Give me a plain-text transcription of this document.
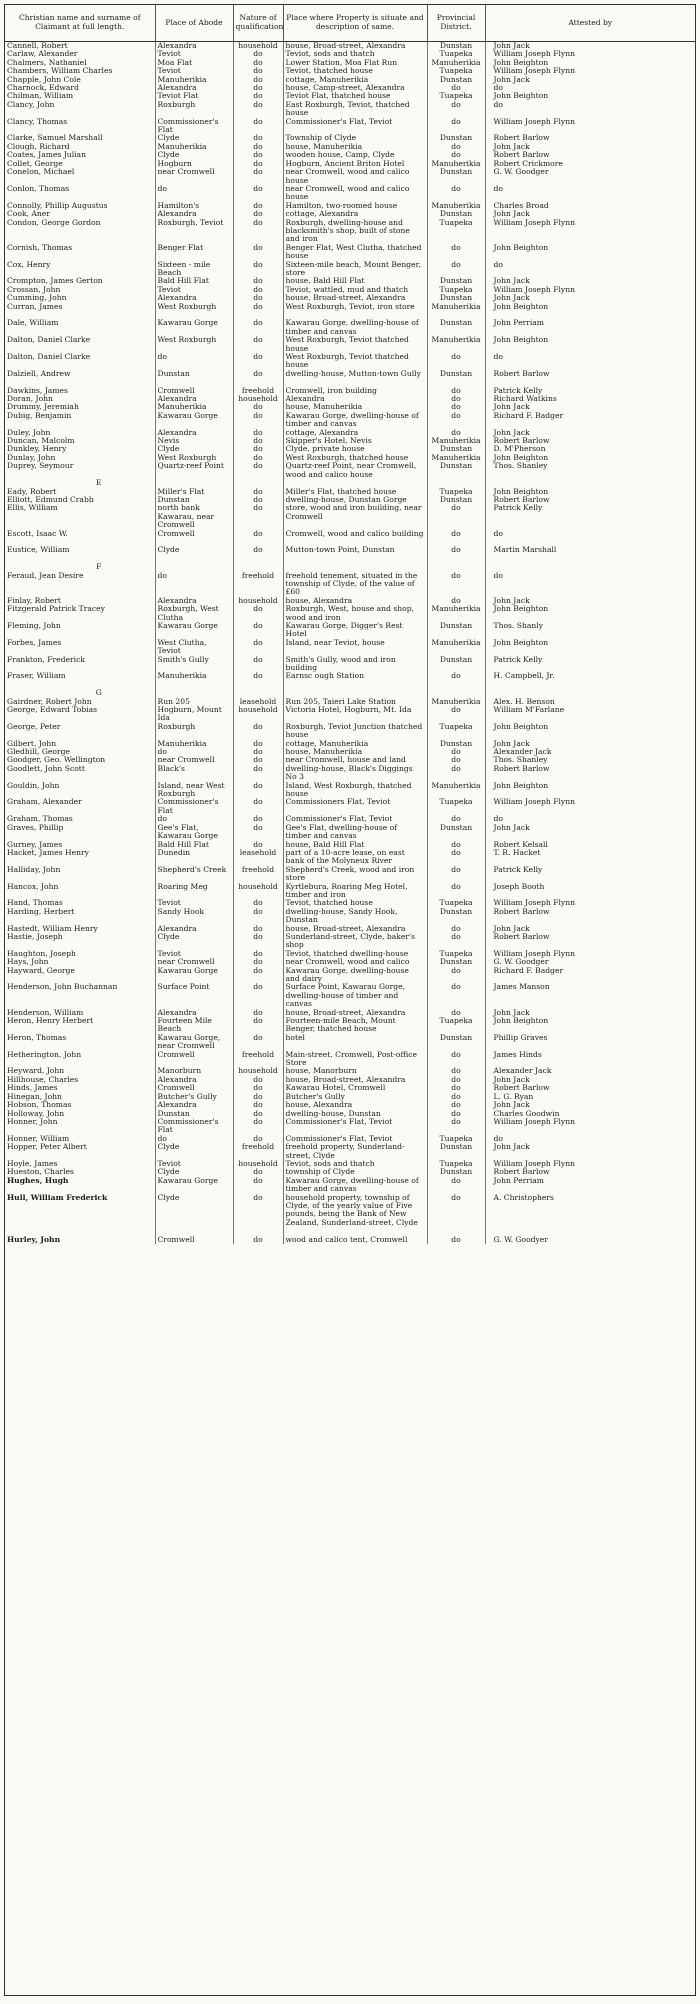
Christian name and surname of Claimant at full length.	Place of Abode	Nature of qualification	Place where Property is situate and description of same.	Provincial District.	Attested by
Cannell, Robert	Alexandra	household	house, Broad-street, Alexandra	Dunstan	John Jack
Carlaw, Alexander	Teviot	do	Teviot, sods and thatch	Tuapeka	William Joseph Flynn
Chalmers, Nathaniel	Moa Flat	do	Lower Station, Moa Flat Run	Manuherikia	John Beighton
Chambers, William Charles	Teviot	do	Teviot, thatched house	Tuapeka	William Joseph Flynn
Chapple, John Cole	Manuherikia	do	cottage, Manuherikia	Dunstan	John Jack
Charnock, Edward	Alexandra	do	house, Camp-street, Alexandra	do	do
Chilman, William	Teviot Flat	do	Teviot Flat, thatched house	Tuapeka	John Beighton
Clancy, John	Roxburgh	do	East Roxburgh, Teviot, thatched house	do	do
Clancy, Thomas	Commissioner's Flat	do	Commissioner's Flat, Teviot	do	William Joseph Flynn
Clarke, Samuel Marshall	Clyde	do	Township of Clyde	Dunstan	Robert Barlow
Clough, Richard	Manuherikia	do	house, Manuherikia	do	John Jack
Coates, James Julian	Clyde	do	wooden house, Camp, Clyde	do	Robert Barlow
Collet, George	Hogburn	do	Hogburn, Ancient Briton Hotel	Manuherikia	Robert Crickmore
Conelon, Michael	near Cromwell	do	near Cromwell, wood and calico house	Dunstan	G. W. Goodger
Conlon, Thomas	do	do	near Cromwell, wood and calico house	do	do
Connolly, Phillip Augustus	Hamilton's	do	Hamilton, two-roomed house	Manuherikia	Charles Broad
Cook, Aner	Alexandra	do	cottage, Alexandra	Dunstan	John Jack
Condon, George Gordon	Roxburgh, Teviot	do	Roxburgh, dwelling-house and blacksmith's shop, built of stone and iron	Tuapeka	William Joseph Flynn
Cornish, Thomas	Benger Flat	do	Benger Flat, West Clutha, thatched house	do	John Beighton
Cox, Henry	Sixteen - mile Beach	do	Sixteen-mile beach, Mount Benger, store	do	do
Crompton, James Gerton	Bald Hill Flat	do	house, Bald Hill Flat	Dunstan	John Jack
Crossan, John	Teviot	do	Teviot, wattled, mud and thatch	Tuapeka	William Joseph Flynn
Cumming, John	Alexandra	do	house, Broad-street, Alexandra	Dunstan	John Jack
Curran, James	West Roxburgh	do	West Roxburgh, Teviot, iron store	Manuherikia	John Beighton
Dale, William	Kawarau Gorge	do	Kawarau Gorge, dwelling-house of timber and canvas	Dunstan	John Perriam
Dalton, Daniel Clarke	West Roxburgh	do	West Roxburgh, Teviot thatched house	Manuherikia	John Beighton
Dalton, Daniel Clarke	do	do	West Roxburgh, Teviot thatched house	do	do
Dalziell, Andrew	Dunstan	do	dwelling-house, Mutton-town Gully	Dunstan	Robert Barlow
Dawkins, James	Cromwell	freehold	Cromwell, iron building	do	Patrick Kelly
Doran, John	Alexandra	household	Alexandra	do	Richard Watkins
Drummy, Jeremiah	Manuherikia	do	house, Manuherikia	do	John Jack
Dubig, Benjamin	Kawarau Gorge	do	Kawarau Gorge, dwelling-house of timber and canvas	do	Richard F. Badger
Duley, John	Alexandra	do	cottage, Alexandra	do	John Jack
Duncan, Malcolm	Nevis	do	Skipper's Hotel, Nevis	Manuherikia	Robert Barlow
Dunkley, Henry	Clyde	do	Clyde, private house	Dunstan	D. M'Pherson
Dunlay, John	West Roxburgh	do	West Roxburgh, thatched house	Manuherikia	John Beighton
Duprey, Seymour	Quartz-reef Point	do	Quartz-reef Point, near Cromwell, wood and calico house	Dunstan	Thos. Shanley
E					
Eady, Robert	Miller's Flat	do	Miller's Flat, thatched house	Tuapeka	John Beighton
Elliott, Edmund Crabb	Dunstan	do	dwelling-house, Dunstan Gorge	Dunstan	Robert Barlow
Ellis, William	north bank Kawarau, near Cromwell	do	store, wood and iron building, near Cromwell	do	Patrick Kelly
Escott, Isaac W.	Cromwell	do	Cromwell, wood and calico building	do	do
Eustice, William	Clyde	do	Mutton-town Point, Dunstan	do	Martin Marshall
F					
Feraud, Jean Desire	do	freehold	freehold tenement, situated in the township of Clyde, of the value of £60	do	do
Finlay, Robert	Alexandra	household	house, Alexandra	do	John Jack
Fitzgerald Patrick Tracey	Roxburgh, West Clutha	do	Roxburgh, West, house and shop, wood and iron	Manuherikia	John Beighton
Fleming, John	Kawarau Gorge	do	Kawarau Gorge, Digger's Rest Hotel	Dunstan	Thos. Shanly
Forbes, James	West Clutha, Teviot	do	Island, near Teviot, house	Manuherikia	John Beighton
Frankton, Frederick	Smith's Gully	do	Smith's Gully, wood and iron building	Dunstan	Patrick Kelly
Fraser, William	Manuherikia	do	Earnsc ough Station	do	H. Campbell, Jr.
G					
Gairdner, Robert John	Run 205	leasehold	Run 205, Taieri Lake Station	Manuherikia	Alex. H. Benson
George, Edward Tobias	Hogburn, Mount Ida	household	Victoria Hotel, Hogburn, Mt. Ida	do	William M'Farlane
George, Peter	Roxburgh	do	Roxburgh, Teviot Junction thatched house	Tuapeka	John Beighton
Gilbert, John	Manuherikia	do	cottage, Manuherikia	Dunstan	John Jack
Gledhill, George	do	do	house, Manuherikia	do	Alexander Jack
Goodger, Geo. Wellington	near Cromwell	do	near Cromwell, house and land	do	Thos. Shanley
Goodlett, John Scott	Black's	do	dwelling-house, Black's Diggings No 3	do	Robert Barlow
Gouldin, John	Island, near West Roxburgh	do	Island, West Roxburgh, thatched house	Manuherikia	John Beighton
Graham, Alexander	Commissioner's Flat	do	Commissioners Flat, Teviot	Tuapeka	William Joseph Flynn
Graham, Thomas	do	do	Commissioner's Flat, Teviot	do	do
Graves, Phillip	Gee's Flat, Kawarau Gorge	do	Gee's Flat, dwelling-house of timber and canvas	Dunstan	John Jack
Gurney, James	Bald Hill Flat	do	house, Bald Hill Flat	do	Robert Kelsall
Hacket, James Henry	Dunedin	leasehold	part of a 10-acre lease, on east bank of the Molyneux River	do	T. R. Hacket
Halliday, John	Shepherd's Creek	freehold	Shepherd's Creek, wood and iron store	do	Patrick Kelly
Hancox, John	Roaring Meg	household	Kyrtlebura, Roaring Meg Hotel, timber and iron	do	Joseph Booth
Hand, Thomas	Teviot	do	Teviot, thatched house	Tuapeka	William Joseph Flynn
Harding, Herbert	Sandy Hook	do	dwelling-house, Sandy Hook, Dunstan	Dunstan	Robert Barlow
Hastedt, William Henry	Alexandra	do	house, Broad-street, Alexandra	do	John Jack
Hastie, Joseph	Clyde	do	Sunderland-street, Clyde, baker's shop	do	Robert Barlow
Haughton, Joseph	Teviot	do	Teviot, thatched dwelling-house	Tuapeka	William Joseph Flynn
Hays, John	near Cromwell	do	near Cromwell, wood and calico	Dunstan	G. W. Goodger
Hayward, George	Kawarau Gorge	do	Kawarau Gorge, dwelling-house and dairy	do	Richard F. Badger
Henderson, John Buchannan	Surface Point	do	Surface Point, Kawarau Gorge, dwelling-house of timber and canvas	do	James Manson
Henderson, William	Alexandra	do	house, Broad-street, Alexandra	do	John Jack
Heron, Henry Herbert	Fourteen Mile Beach	do	Fourteen-mile Beach, Mount Benger, thatched house	Tuapeka	John Beighton
Heron, Thomas	Kawarau Gorge, near Cromwell	do	hotel	Dunstan	Phillip Graves
Hetherington, John	Cromwell	freehold	Main-street, Cromwell, Post-office Store	do	James Hinds
Heyward, John	Manorburn	household	house, Manorburn	do	Alexander Jack
Hillhouse, Charles	Alexandra	do	house, Broad-street, Alexandra	do	John Jack
Hinds, James	Cromwell	do	Kawarau Hotel, Cromwell	do	Robert Barlow
Hinegan, John	Butcher's Gully	do	Butcher's Gully	do	L. G. Ryan
Hobson, Thomas	Alexandra	do	house, Alexandra	do	John Jack
Holloway, John	Dunstan	do	dwelling-house, Dunstan	do	Charles Goodwin
Honner, John	Commissioner's Flat	do	Commissioner's Flat, Teviot	do	William Joseph Flynn
Honner, William	do	do	Commissioner's Flat, Teviot	Tuapeka	do
Hopper, Peter Albert	Clyde	freehold	freehold property, Sunderland-street, Clyde	Dunstan	John Jack
Hoyle, James	Teviot	household	Teviot, sods and thatch	Tuapeka	William Joseph Flynn
Hueston, Charles	Clyde	do	township of Clyde	Dunstan	Robert Barlow
Hughes, Hugh	Kawarau Gorge	do	Kawarau Gorge, dwelling-house of timber and canvas	do	John Perriam
Hull, William Frederick	Clyde	do	household property, township of Clyde, of the yearly value of Five pounds, being the Bank of New Zealand, Sunderland-street, Clyde	do	A. Christophers
Hurley, John	Cromwell	do	wood and calico tent, Cromwell	do	G. W. Goodyer
